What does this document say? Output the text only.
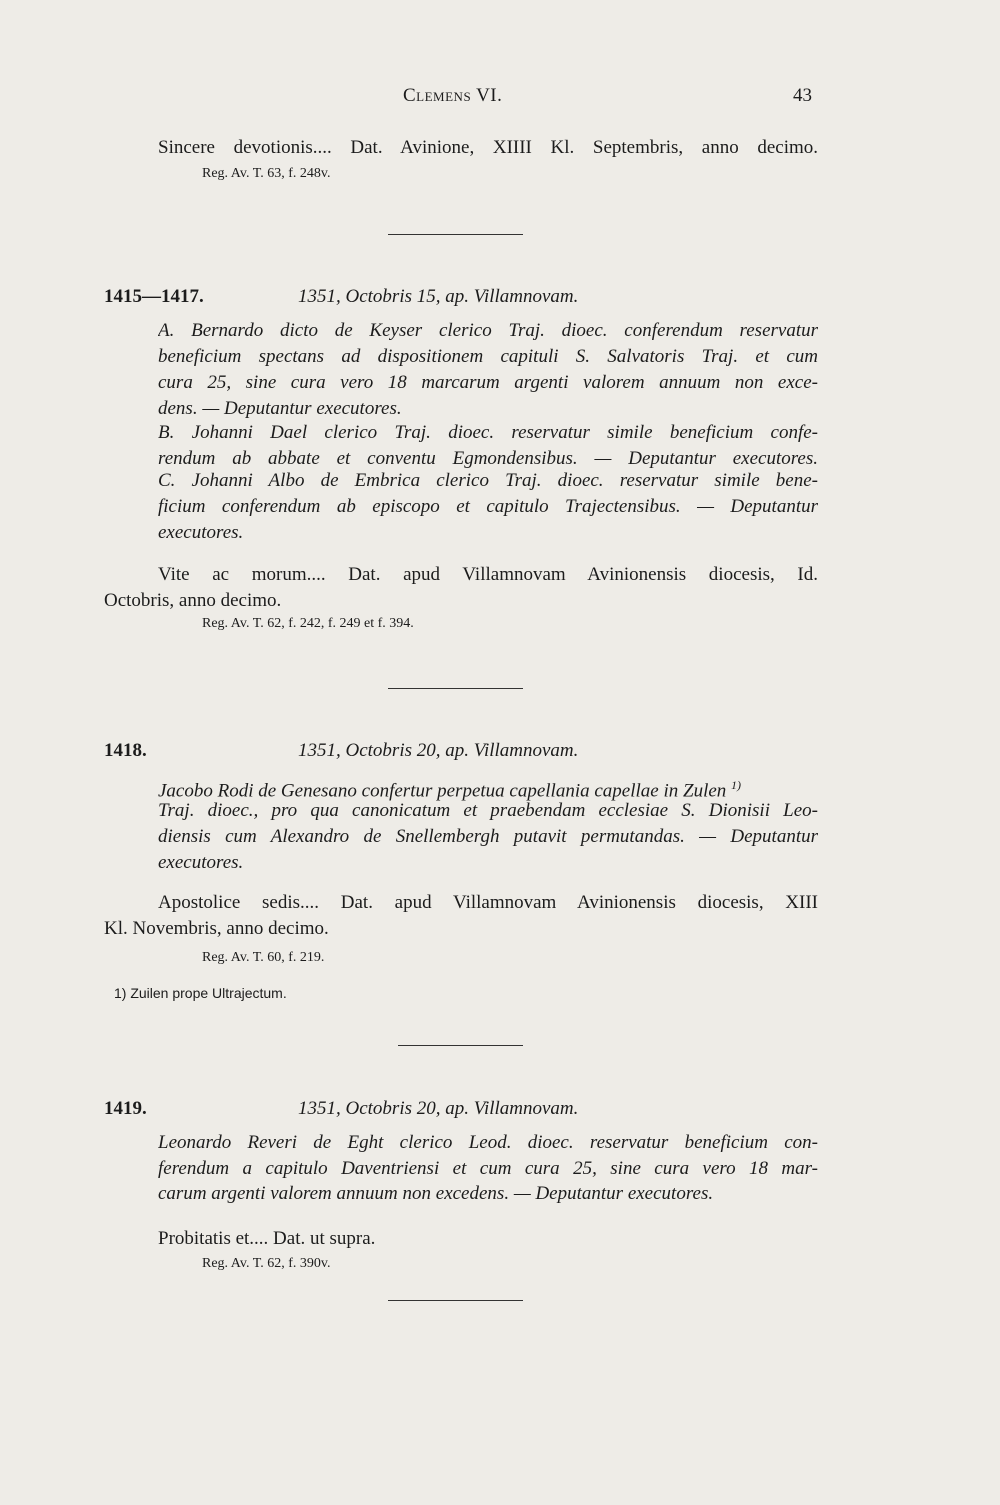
Clemens VI.	43
Sincere devotionis.... Dat. Avinione, XIIII Kl. Septembris, anno decimo.
Reg. Av. T. 63, f. 248v.
1415—1417.	1351, Octobris 15, ap. Villamnovam.
A. Bernardo dicto de Keyser clerico Traj. dioec. conferendum reservatur
beneficium spectans ad dispositionem capituli S. Salvatoris Traj. et cum
cura 25, sine cura vero 18 marcarum argenti valorem annuum non exce-
dens. — Deputantur executores.
B. Johanni Dael clerico Traj. dioec. reservatur simile beneficium confe-
rendum ab abbate et conventu Egmondensibus. — Deputantur executores.
C. Johanni Albo de Embrica clerico Traj. dioec. reservatur simile bene-
ficium conferendum ab episcopo et capitulo Trajectensibus. — Deputantur
executores.
Vite ac morum.... Dat. apud Villamnovam Avinionensis diocesis, Id.
Octobris, anno decimo.
Reg. Av. T. 62, f. 242, f. 249 et f. 394.
1418.	1351, Octobris 20, ap. Villamnovam.
Jacobo Rodi de Genesano confertur perpetua capellania capellae in Zulen $^{1)}$
Traj. dioec., pro qua canonicatum et praebendam ecclesiae S. Dionisii Leo-
diensis cum Alexandro de Snellembergh putavit permutandas. — Deputantur
executores.
Apostolice sedis.... Dat. apud Villamnovam Avinionensis diocesis, XIII
Kl. Novembris, anno decimo.
Reg. Av. T. 60, f. 219.
1) Zuilen prope Ultrajectum.
1419.	1351, Octobris 20, ap. Villamnovam.
Leonardo Reveri de Eght clerico Leod. dioec. reservatur beneficium con-
ferendum a capitulo Daventriensi et cum cura 25, sine cura vero 18 mar-
carum argenti valorem annuum non excedens. — Deputantur executores.
Probitatis et.... Dat. ut supra.
Reg. Av. T. 62, f. 390v.
